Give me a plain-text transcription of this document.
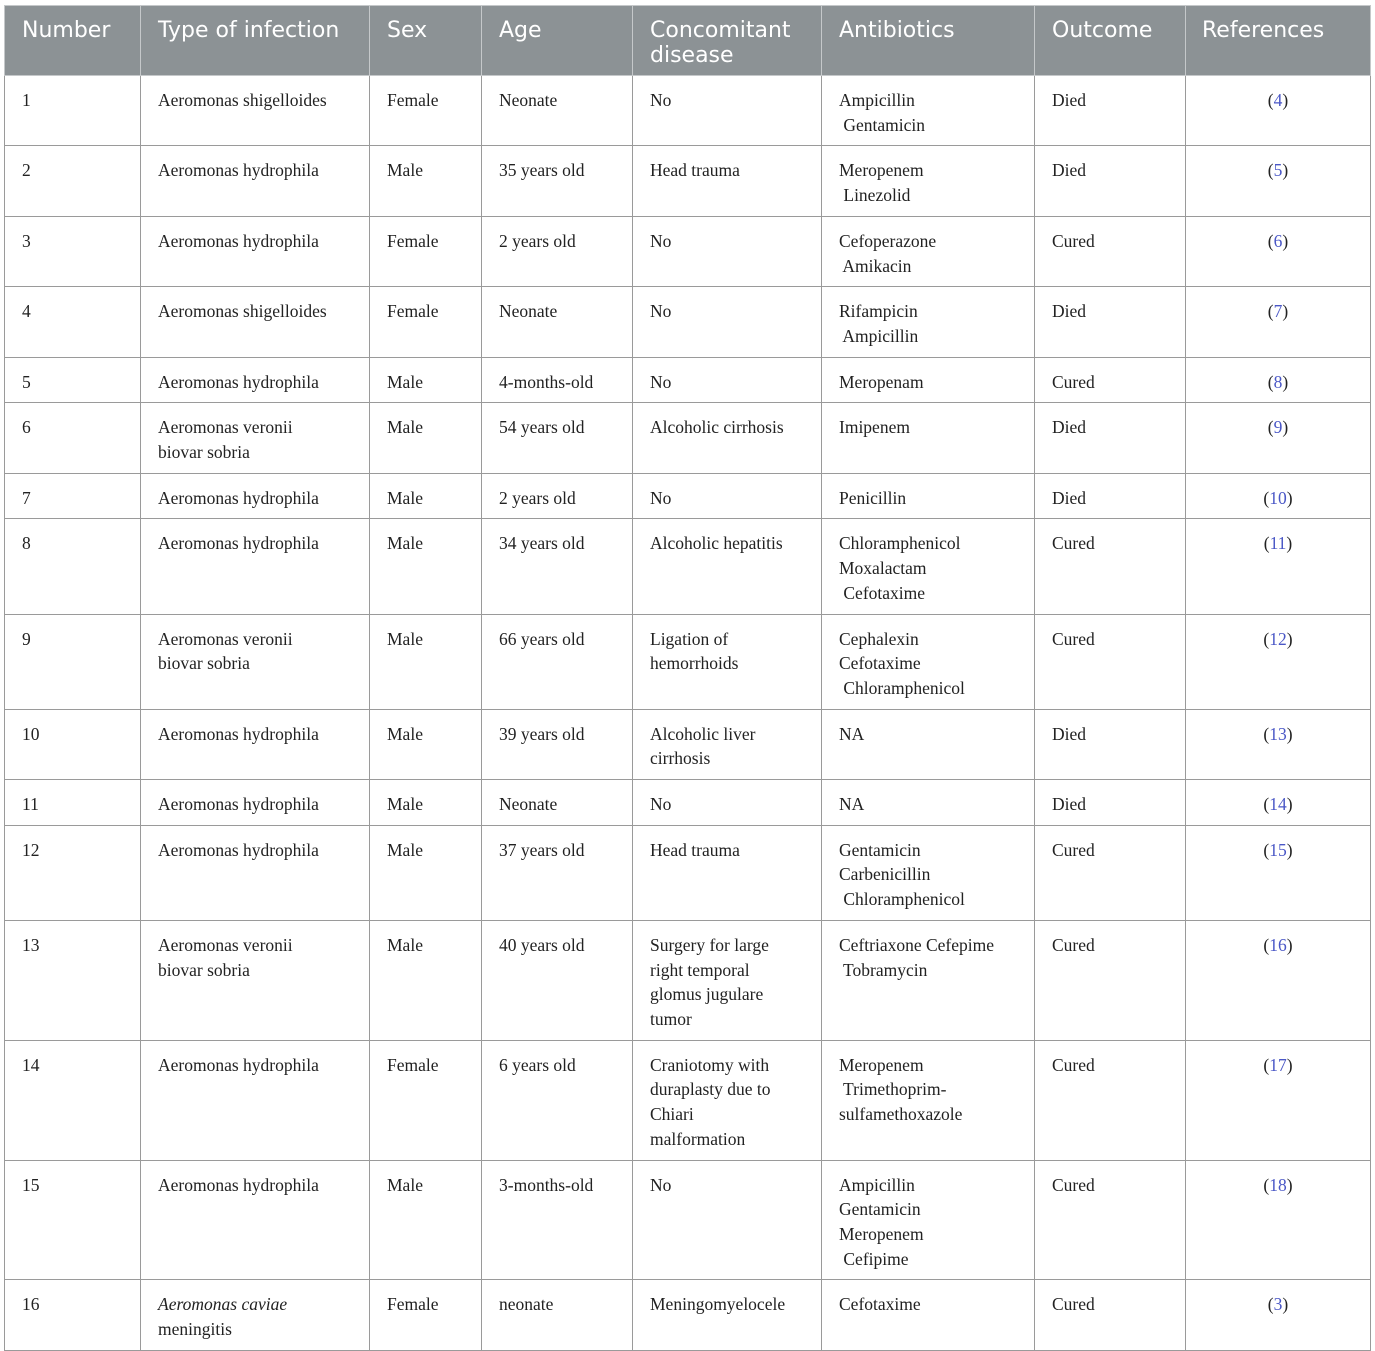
Number	Type of infection	Sex	Age	Concomitant disease	Antibiotics	Outcome	References
1	Aeromonas shigelloides	Female	Neonate	No	Ampicillin
Gentamicin	Died	(4)
2	Aeromonas hydrophila	Male	35 years old	Head trauma	Meropenem
Linezolid	Died	(5)
3	Aeromonas hydrophila	Female	2 years old	No	Cefoperazone
Amikacin	Cured	(6)
4	Aeromonas shigelloides	Female	Neonate	No	Rifampicin
Ampicillin	Died	(7)
5	Aeromonas hydrophila	Male	4-months-old	No	Meropenam	Cured	(8)
6	Aeromonas veronii
biovar sobria	Male	54 years old	Alcoholic cirrhosis	Imipenem	Died	(9)
7	Aeromonas hydrophila	Male	2 years old	No	Penicillin	Died	(10)
8	Aeromonas hydrophila	Male	34 years old	Alcoholic hepatitis	Chloramphenicol
Moxalactam
Cefotaxime	Cured	(11)
9	Aeromonas veronii
biovar sobria	Male	66 years old	Ligation of
hemorrhoids	Cephalexin
Cefotaxime
Chloramphenicol	Cured	(12)
10	Aeromonas hydrophila	Male	39 years old	Alcoholic liver
cirrhosis	NA	Died	(13)
11	Aeromonas hydrophila	Male	Neonate	No	NA	Died	(14)
12	Aeromonas hydrophila	Male	37 years old	Head trauma	Gentamicin
Carbenicillin
Chloramphenicol	Cured	(15)
13	Aeromonas veronii
biovar sobria	Male	40 years old	Surgery for large
right temporal
glomus jugulare
tumor	Ceftriaxone Cefepime
Tobramycin	Cured	(16)
14	Aeromonas hydrophila	Female	6 years old	Craniotomy with
duraplasty due to
Chiari
malformation	Meropenem
Trimethoprim-
sulfamethoxazole	Cured	(17)
15	Aeromonas hydrophila	Male	3-months-old	No	Ampicillin
Gentamicin
Meropenem
Cefipime	Cured	(18)
16	Aeromonas caviae
meningitis	Female	neonate	Meningomyelocele	Cefotaxime	Cured	(3)
